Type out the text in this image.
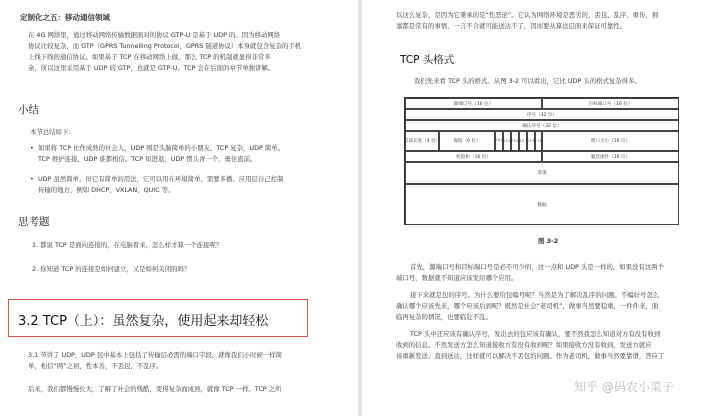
定制化之五：移动通信领域

在 4G 网络里，通过移动网络传输数据面对的协议 GTP-U 是基于 UDP 的。因为移动网络

协议比较复杂，而 GTP（GPRS Tunnelling Protocol，GPRS 隧道协议）本身就包含复杂的手机

上线下线的通信协议。如果基于 TCP 在移动网络上做，那么 TCP 的机制就显得非常多

余，所以这里采用基于 UDP 的 GTP，也就是 GTP-U。TCP 会在后面的章节单独讲解。

小结
本节总结如下：
• 如果将 TCP 比作成熟的社会人，UDP 则是头脑简单的小朋友。TCP 复杂，UDP 简单。
TCP 维护连接，UDP 谁都相信。TCP 知进退，UDP 愣头青一个，勇往直前。
• UDP 虽然简单，但它有简单的用法，它可以用在环境简单、需要多播、应用层自己控制
传输的地方，例如 DHCP、VXLAN、QUIC 等。
思考题
1. 都说 TCP 是面向连接的，在电脑看来，怎么样才算一个连接呢？
2. 你知道 TCP 的连接是如何建立，又是如何关闭的吗？
3.2 TCP（上）：虽然复杂，使用起来却轻松

3.1 节讲了 UDP，UDP 包中基本上包括了传输层必需的端口字段，就像我们小时候一样简

单，相信“网”之初，性本善，不丢包，不乱序。

后来，我们都慢慢长大，了解了社会的残酷，变得复杂而成熟，就像 TCP 一样。TCP 之所

以这么复杂，是因为它秉承的是“性恶论”。它认为网络环境是恶劣的，丢包、乱序、重传，拥
塞都是常有的事情，一言不合就可能送达不了，因而要从算法层面来保证可靠性。
TCP 头格式
我们先来看 TCP 头的格式。从图 3-2 可以看出，它比 UDP 头的格式复杂得多。
图 3-2
首先，源端口号和目标端口号是必不可少的，这一点和 UDP 头是一样的。如果没有这两个
端口号，数据就不知道应该发给哪个应用。
接下来就是包的序号。为什么要给包编号呢？当然是为了解决乱序的问题。不编好号怎么
确认哪个应该先来，哪个应该后到呢？既然是社会“老司机”，做事当然要稳重，一件件来，面
临再复杂的情况，也要临危不乱。
TCP 头中还应该有确认序号，发出去的包应该有确认，要不然我怎么知道对方有没有收到
收到的信息。不然发送方怎么知道接收方有没有收到呢？如果接收方没有收到，发送方就应
该重新发送。直到送达，这样就可以解决不丢包的问题。作为老司机，做事当然要靠谱，答应了
源端口号（16 位）	目标端口号（16 位）
序号（32 位）
确认序号（32 位）
首部长度（4 位）	保留（6 位）	U R G A C K P S H R S T S Y N F I N	窗口大小（16 位）
校验和（16 位）	紧急指针（16 位）
选项
数据
知乎 @码农小菜子
